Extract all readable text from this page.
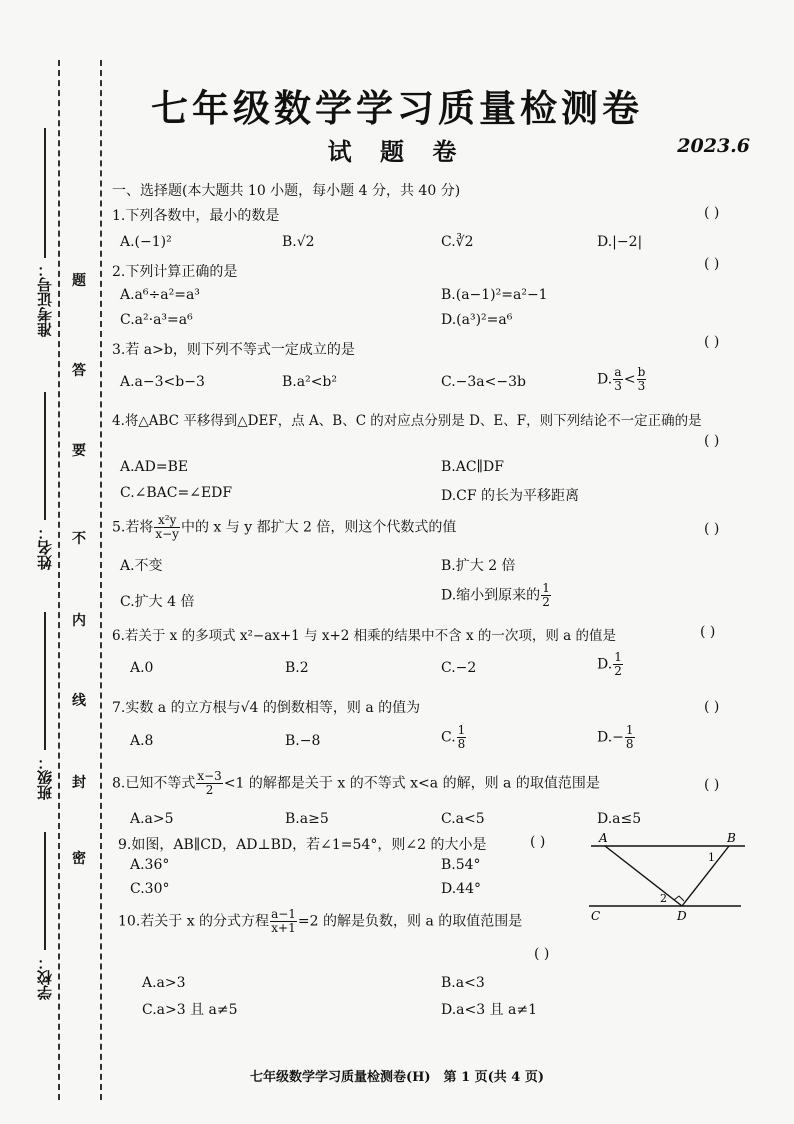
准考证号：
姓名：
班级：
学校：
题
答
要
不
内
线
封
密
七年级数学学习质量检测卷
试 题 卷	2023.6
一、选择题(本大题共 10 小题，每小题 4 分，共 40 分)
1.下列各数中，最小的数是	( )
A.(−1)²	B.√2	C.∛2	D.|−2|
2.下列计算正确的是	( )
A.a⁶÷a²=a³	B.(a−1)²=a²−1
C.a²·a³=a⁶	D.(a³)²=a⁶
3.若 a>b，则下列不等式一定成立的是	( )
A.a−3<b−3	B.a²<b²	C.−3a<−3b	D. $\frac{a}{3} < \frac{b}{3}$
4.将△ABC 平移得到△DEF，点 A、B、C 的对应点分别是 D、E、F，则下列结论不一定正确的是
( )
A.AD=BE	B.AC∥DF
C.∠BAC=∠EDF	D.CF 的长为平移距离
5.若将 $\frac{\text{x²y}}{x-y}$ 中的 x 与 y 都扩大 2 倍，则这个代数式的值	( )
A.不变	B.扩大 2 倍
C.扩大 4 倍	D.缩小到原来的 $\frac{1}{2}$
6.若关于 x 的多项式 x²−ax+1 与 x+2 相乘的结果中不含 x 的一次项，则 a 的值是	( )
A.0	B.2	C.−2	D. $\frac{1}{2}$
7.实数 a 的立方根与√4 的倒数相等，则 a 的值为	( )
A.8	B.−8	C. $\frac{1}{8}$	$D.- \frac{1}{8}$
8.已知不等式 $\frac{x-3}{2} <1$ 的解都是关于 x 的不等式 x<a 的解，则 a 的取值范围是	( )
A.a>5	B.a≥5	C.a<5	D.a≤5
9.如图，AB∥CD，AD⊥BD，若∠1=54°，则∠2 的大小是	( )
A.36°	B.54°
C.30°	D.44°
A	B
C	D
1
2
10.若关于 x 的分式方程 $\frac{a-1}{x+1} =2$ 的解是负数，则 a 的取值范围是
( )
A.a>3	B.a<3
C.a>3 且 a≠5	D.a<3 且 a≠1
七年级数学学习质量检测卷(H)　第 1 页(共 4 页)
